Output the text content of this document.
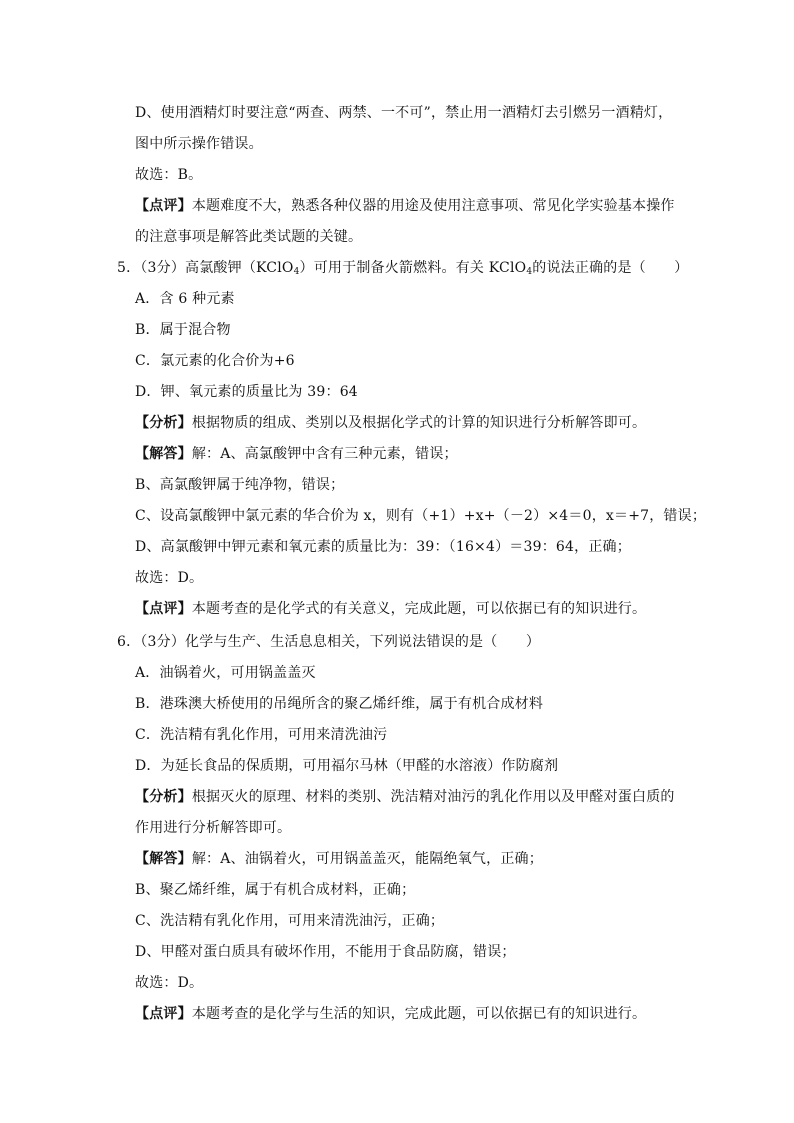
D、使用酒精灯时要注意“两查、两禁、一不可”，禁止用一酒精灯去引燃另一酒精灯，
图中所示操作错误。
故选：B。
【点评】本题难度不大，熟悉各种仪器的用途及使用注意事项、常见化学实验基本操作
的注意事项是解答此类试题的关键。
5．（3分）高氯酸钾（KClO$_4$）可用于制备火箭燃料。有关 KClO$_4$的说法正确的是（　　）
A．含 6 种元素
B．属于混合物
C．氯元素的化合价为+6
D．钾、氧元素的质量比为 39：64
【分析】根据物质的组成、类别以及根据化学式的计算的知识进行分析解答即可。
【解答】解：A、高氯酸钾中含有三种元素，错误；
B、高氯酸钾属于纯净物，错误；
C、设高氯酸钾中氯元素的华合价为 x，则有（+1）+x+（－2）×4＝0，x＝+7，错误；
D、高氯酸钾中钾元素和氧元素的质量比为：39：（16×4）＝39：64，正确；
故选：D。
【点评】本题考查的是化学式的有关意义，完成此题，可以依据已有的知识进行。
6．（3分）化学与生产、生活息息相关，下列说法错误的是（　　）
A．油锅着火，可用锅盖盖灭
B．港珠澳大桥使用的吊绳所含的聚乙烯纤维，属于有机合成材料
C．洗洁精有乳化作用，可用来清洗油污
D．为延长食品的保质期，可用福尔马林（甲醛的水溶液）作防腐剂
【分析】根据灭火的原理、材料的类别、洗洁精对油污的乳化作用以及甲醛对蛋白质的
作用进行分析解答即可。
【解答】解：A、油锅着火，可用锅盖盖灭，能隔绝氧气，正确；
B、聚乙烯纤维，属于有机合成材料，正确；
C、洗洁精有乳化作用，可用来清洗油污，正确；
D、甲醛对蛋白质具有破坏作用，不能用于食品防腐，错误；
故选：D。
【点评】本题考查的是化学与生活的知识，完成此题，可以依据已有的知识进行。
